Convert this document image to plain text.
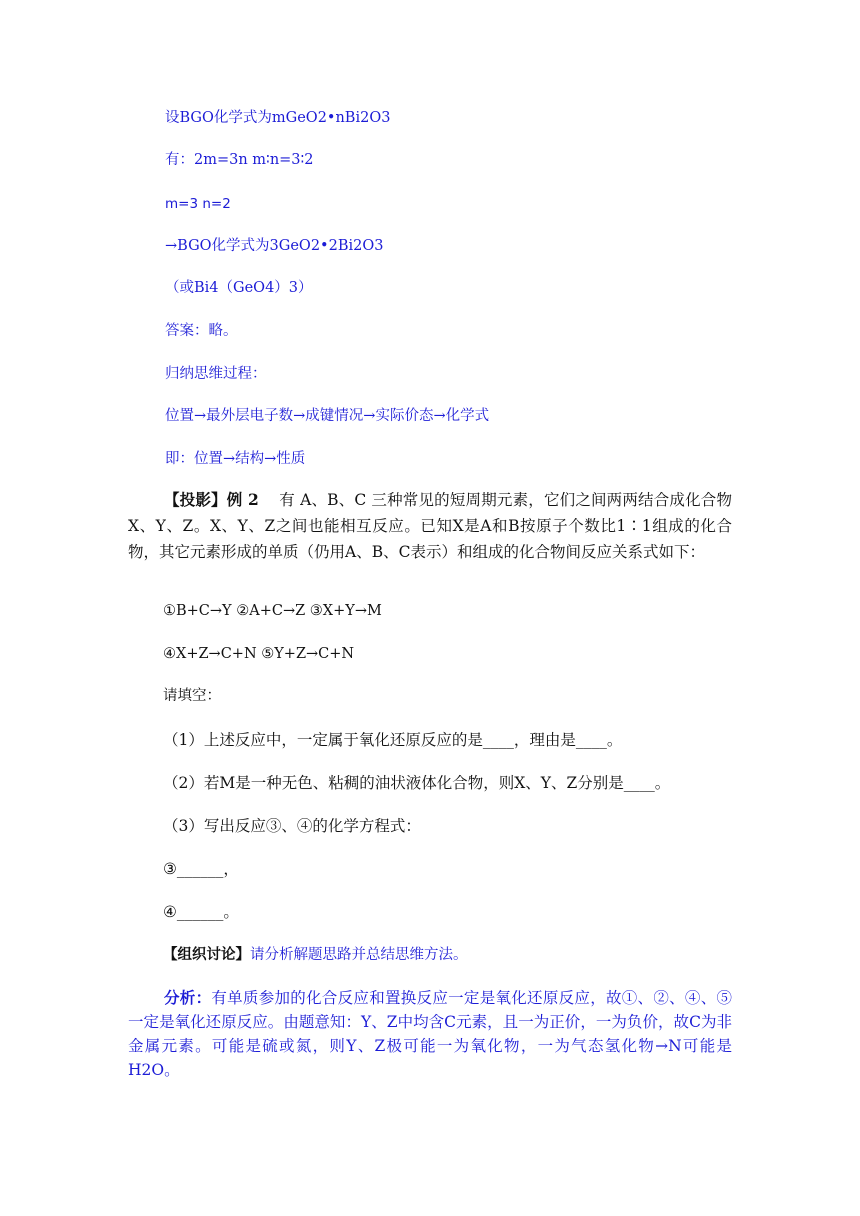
设BGO化学式为mGeO2•nBi2O3
有：2m=3n m∶n=3∶2
m=3 n=2
→BGO化学式为3GeO2•2Bi2O3
（或Bi4（GeO4）3）
答案：略。
归纳思维过程：
位置→最外层电子数→成键情况→实际价态→化学式
即：位置→结构→性质
【投影】例 2 有 A、B、C 三种常见的短周期元素，它们之间两两结合成化合物X、Y、Z。X、Y、Z之间也能相互反应。已知X是A和B按原子个数比1∶1组成的化合物，其它元素形成的单质（仍用A、B、C表示）和组成的化合物间反应关系式如下：
①B+C→Y ②A+C→Z ③X+Y→M
④X+Z→C+N ⑤Y+Z→C+N
请填空：
（1）上述反应中，一定属于氧化还原反应的是____，理由是____。
（2）若M是一种无色、粘稠的油状液体化合物，则X、Y、Z分别是____。
（3）写出反应③、④的化学方程式：
③______，
④______。
【组织讨论】请分析解题思路并总结思维方法。
分析：有单质参加的化合反应和置换反应一定是氧化还原反应，故①、②、④、⑤一定是氧化还原反应。由题意知：Y、Z中均含C元素，且一为正价，一为负价，故C为非金属元素。可能是硫或氮，则Y、Z极可能一为氧化物，一为气态氢化物→N可能是H2O。
